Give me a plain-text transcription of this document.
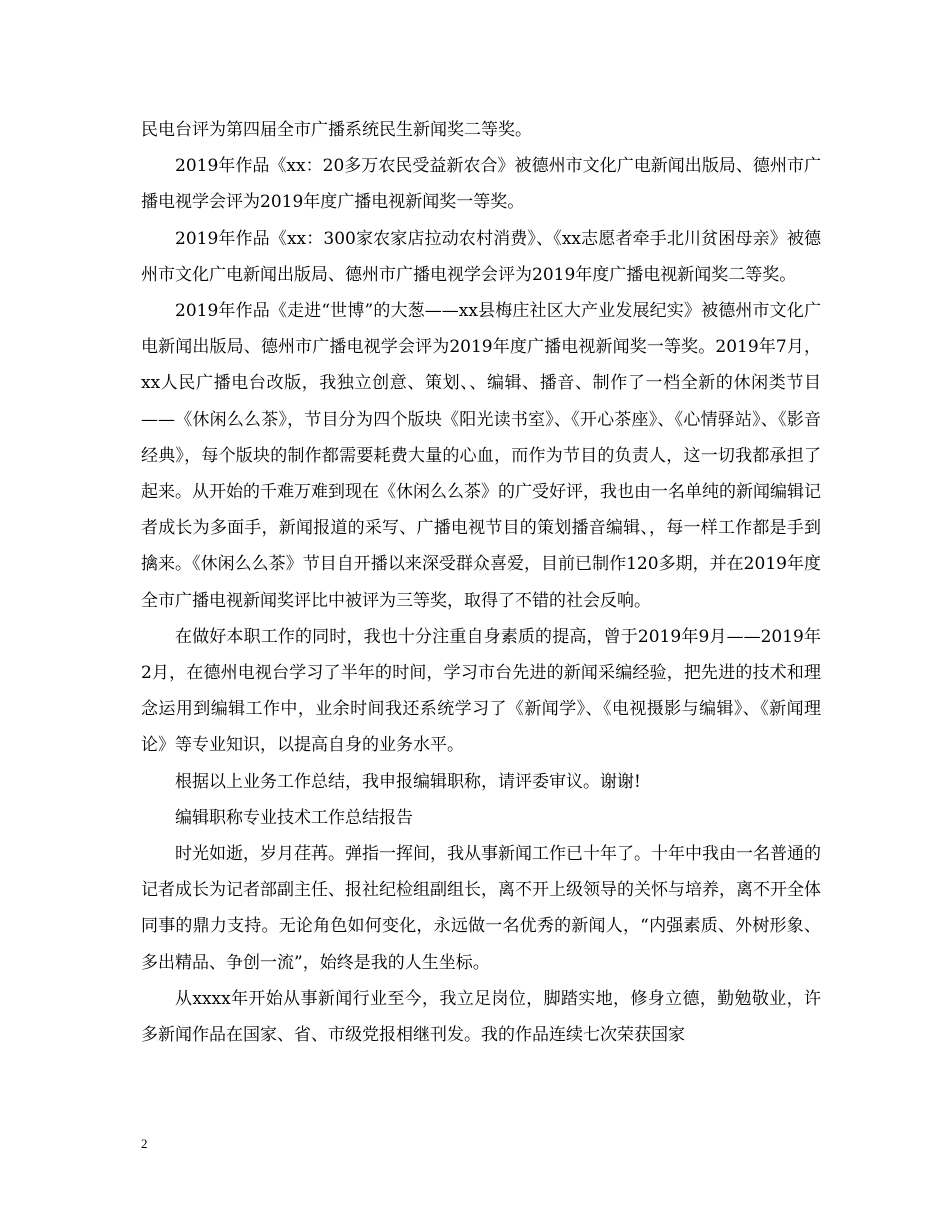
民电台评为第四届全市广播系统民生新闻奖二等奖。

2019年作品《xx：20多万农民受益新农合》被德州市文化广电新闻出版局、德州市广播电视学会评为2019年度广播电视新闻奖一等奖。

2019年作品《xx：300家农家店拉动农村消费》、《xx志愿者牵手北川贫困母亲》被德州市文化广电新闻出版局、德州市广播电视学会评为2019年度广播电视新闻奖二等奖。

2019年作品《走进“世博”的大葱——xx县梅庄社区大产业发展纪实》被德州市文化广电新闻出版局、德州市广播电视学会评为2019年度广播电视新闻奖一等奖。2019年7月，xx人民广播电台改版，我独立创意、策划、、编辑、播音、制作了一档全新的休闲类节目——《休闲么么茶》，节目分为四个版块《阳光读书室》、《开心茶座》、《心情驿站》、《影音经典》，每个版块的制作都需要耗费大量的心血，而作为节目的负责人，这一切我都承担了起来。从开始的千难万难到现在《休闲么么茶》的广受好评，我也由一名单纯的新闻编辑记者成长为多面手，新闻报道的采写、广播电视节目的策划播音编辑、，每一样工作都是手到擒来。《休闲么么茶》节目自开播以来深受群众喜爱，目前已制作120多期，并在2019年度全市广播电视新闻奖评比中被评为三等奖，取得了不错的社会反响。

在做好本职工作的同时，我也十分注重自身素质的提高，曾于2019年9月——2019年2月，在德州电视台学习了半年的时间，学习市台先进的新闻采编经验，把先进的技术和理念运用到编辑工作中，业余时间我还系统学习了《新闻学》、《电视摄影与编辑》、《新闻理论》等专业知识，以提高自身的业务水平。

根据以上业务工作总结，我申报编辑职称，请评委审议。谢谢!

编辑职称专业技术工作总结报告

时光如逝，岁月荏苒。弹指一挥间，我从事新闻工作已十年了。十年中我由一名普通的记者成长为记者部副主任、报社纪检组副组长，离不开上级领导的关怀与培养，离不开全体同事的鼎力支持。无论角色如何变化，永远做一名优秀的新闻人，“内强素质、外树形象、多出精品、争创一流”，始终是我的人生坐标。

从xxxx年开始从事新闻行业至今，我立足岗位，脚踏实地，修身立德，勤勉敬业，许多新闻作品在国家、省、市级党报相继刊发。我的作品连续七次荣获国家

2
